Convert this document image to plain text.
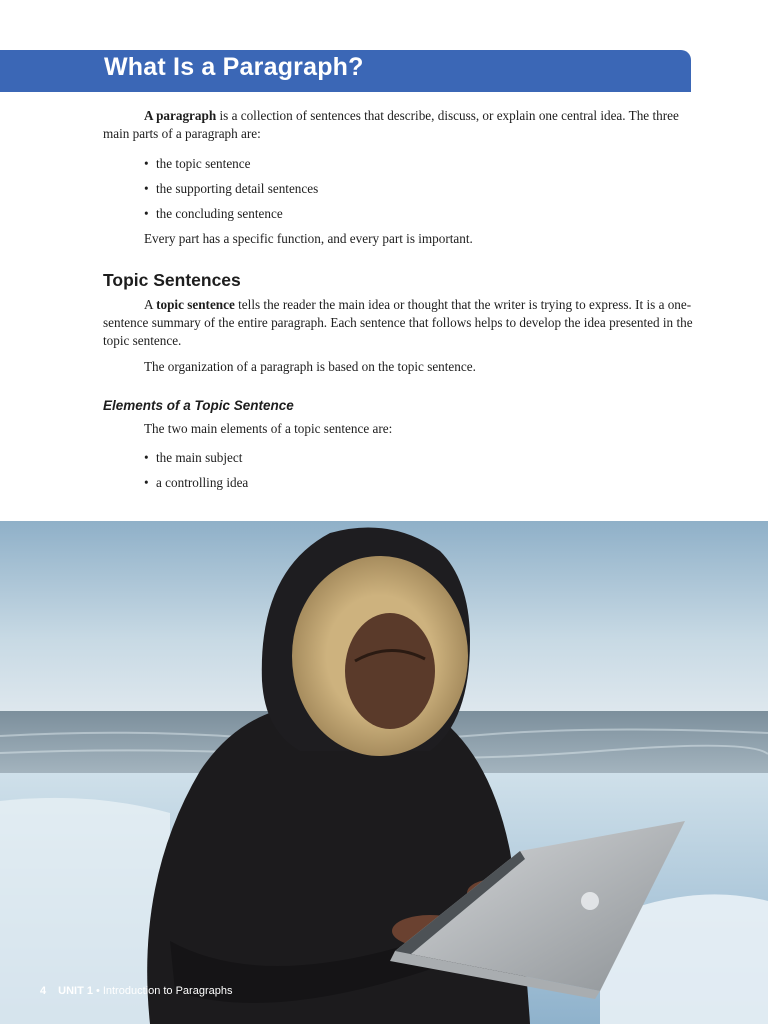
What Is a Paragraph?

A paragraph is a collection of sentences that describe, discuss, or explain one central idea. The three main parts of a paragraph are:

• the topic sentence
• the supporting detail sentences
• the concluding sentence

Every part has a specific function, and every part is important.

Topic Sentences

A topic sentence tells the reader the main idea or thought that the writer is trying to express. It is a one-sentence summary of the entire paragraph. Each sentence that follows helps to develop the idea presented in the topic sentence.

The organization of a paragraph is based on the topic sentence.

Elements of a Topic Sentence

The two main elements of a topic sentence are:

• the main subject
• a controlling idea
4 UNIT 1 • Introduction to Paragraphs
